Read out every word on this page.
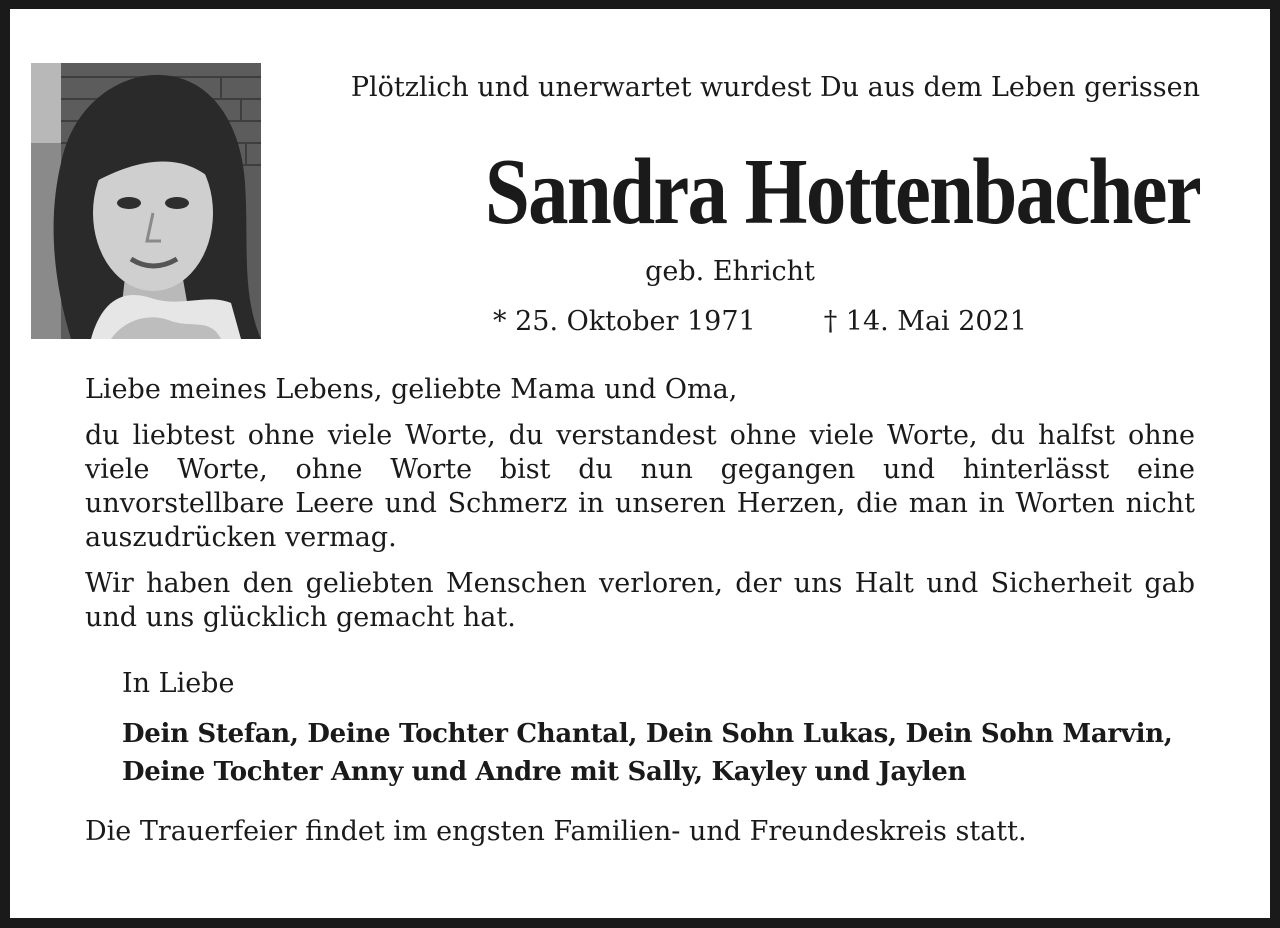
Plötzlich und unerwartet wurdest Du aus dem Leben gerissen
Sandra Hottenbacher
geb. Ehricht
* 25. Oktober 1971	† 14. Mai 2021
Liebe meines Lebens, geliebte Mama und Oma,
du liebtest ohne viele Worte, du verstandest ohne viele Worte, du halfst ohne viele Worte, ohne Worte bist du nun gegangen und hinterlässt eine unvorstellbare Leere und Schmerz in unseren Herzen, die man in Worten nicht auszudrücken vermag.
Wir haben den geliebten Menschen verloren, der uns Halt und Sicherheit gab und uns glücklich gemacht hat.
In Liebe
Dein Stefan, Deine Tochter Chantal, Dein Sohn Lukas, Dein Sohn Marvin, Deine Tochter Anny und Andre mit Sally, Kayley und Jaylen
Die Trauerfeier findet im engsten Familien- und Freundeskreis statt.
